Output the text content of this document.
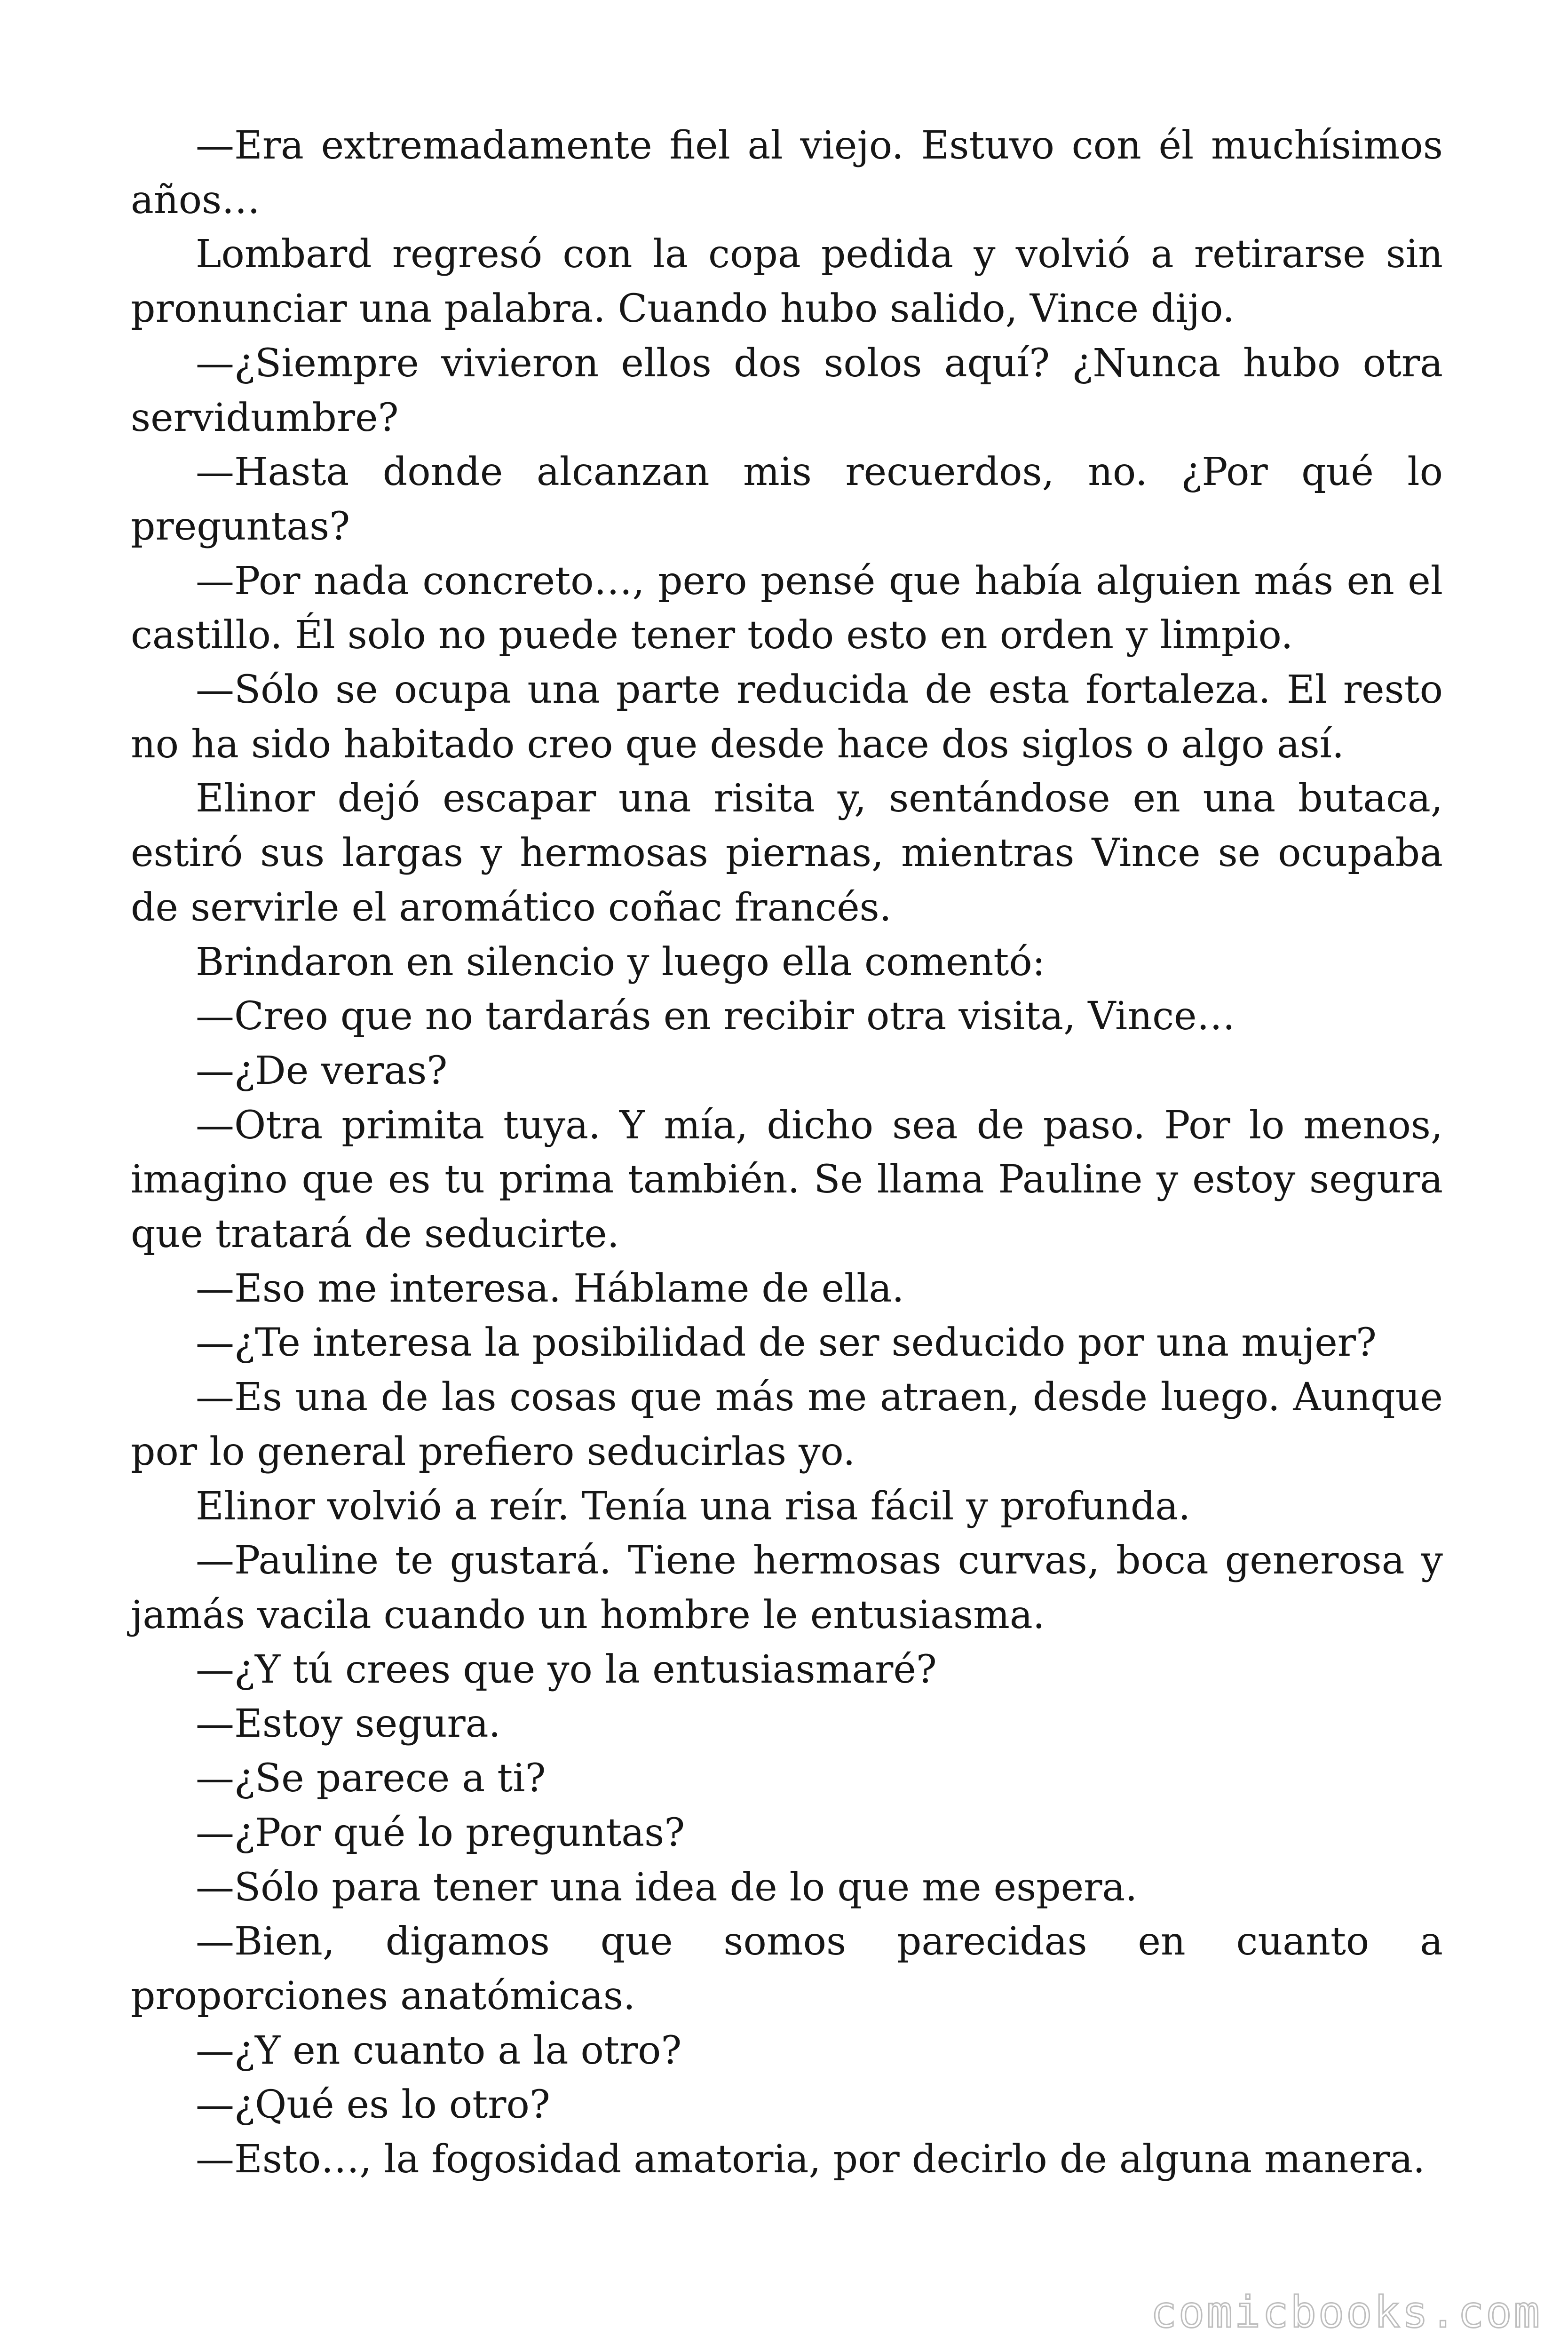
—Era extremadamente fiel al viejo. Estuvo con él muchísimos años…

Lombard regresó con la copa pedida y volvió a retirarse sin pronunciar una palabra. Cuando hubo salido, Vince dijo.

—¿Siempre vivieron ellos dos solos aquí? ¿Nunca hubo otra servidumbre?

—Hasta donde alcanzan mis recuerdos, no. ¿Por qué lo preguntas?

—Por nada concreto…, pero pensé que había alguien más en el castillo. Él solo no puede tener todo esto en orden y limpio.

—Sólo se ocupa una parte reducida de esta fortaleza. El resto no ha sido habitado creo que desde hace dos siglos o algo así.

Elinor dejó escapar una risita y, sentándose en una butaca, estiró sus largas y hermosas piernas, mientras Vince se ocupaba de servirle el aromático coñac francés.

Brindaron en silencio y luego ella comentó:

—Creo que no tardarás en recibir otra visita, Vince…

—¿De veras?

—Otra primita tuya. Y mía, dicho sea de paso. Por lo menos, imagino que es tu prima también. Se llama Pauline y estoy segura que tratará de seducirte.

—Eso me interesa. Háblame de ella.

—¿Te interesa la posibilidad de ser seducido por una mujer?

—Es una de las cosas que más me atraen, desde luego. Aunque por lo general prefiero seducirlas yo.

Elinor volvió a reír. Tenía una risa fácil y profunda.

—Pauline te gustará. Tiene hermosas curvas, boca generosa y jamás vacila cuando un hombre le entusiasma.

—¿Y tú crees que yo la entusiasmaré?

—Estoy segura.

—¿Se parece a ti?

—¿Por qué lo preguntas?

—Sólo para tener una idea de lo que me espera.

—Bien, digamos que somos parecidas en cuanto a proporciones anatómicas.

—¿Y en cuanto a la otro?

—¿Qué es lo otro?

—Esto…, la fogosidad amatoria, por decirlo de alguna manera.

comicbooks.com
